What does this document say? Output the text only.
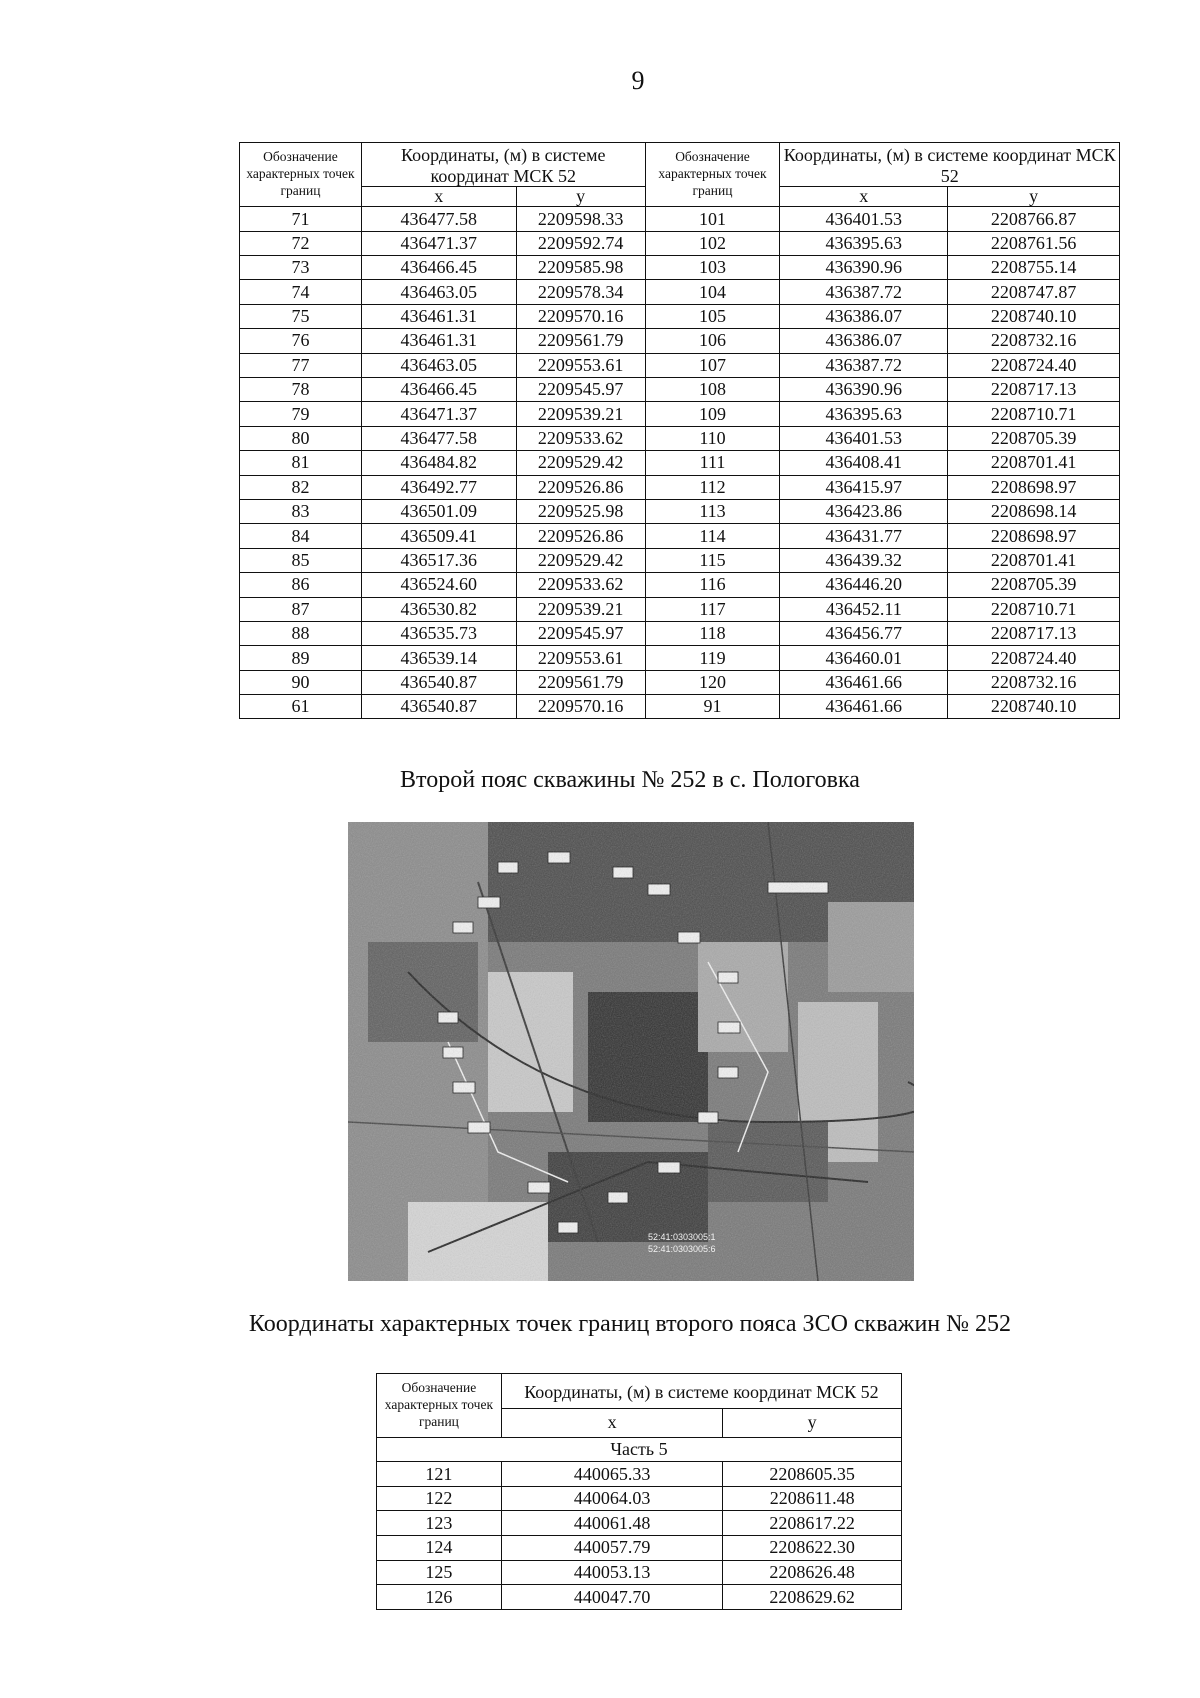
9
Обозначение характерных точек границ	Координаты, (м) в системе координат МСК 52		Обозначение характерных точек границ	Координаты, (м) в системе координат МСК 52	
	x	y		x	y
71	436477.58	2209598.33	101	436401.53	2208766.87
72	436471.37	2209592.74	102	436395.63	2208761.56
73	436466.45	2209585.98	103	436390.96	2208755.14
74	436463.05	2209578.34	104	436387.72	2208747.87
75	436461.31	2209570.16	105	436386.07	2208740.10
76	436461.31	2209561.79	106	436386.07	2208732.16
77	436463.05	2209553.61	107	436387.72	2208724.40
78	436466.45	2209545.97	108	436390.96	2208717.13
79	436471.37	2209539.21	109	436395.63	2208710.71
80	436477.58	2209533.62	110	436401.53	2208705.39
81	436484.82	2209529.42	111	436408.41	2208701.41
82	436492.77	2209526.86	112	436415.97	2208698.97
83	436501.09	2209525.98	113	436423.86	2208698.14
84	436509.41	2209526.86	114	436431.77	2208698.97
85	436517.36	2209529.42	115	436439.32	2208701.41
86	436524.60	2209533.62	116	436446.20	2208705.39
87	436530.82	2209539.21	117	436452.11	2208710.71
88	436535.73	2209545.97	118	436456.77	2208717.13
89	436539.14	2209553.61	119	436460.01	2208724.40
90	436540.87	2209561.79	120	436461.66	2208732.16
61	436540.87	2209570.16	91	436461.66	2208740.10
Второй пояс скважины № 252 в с. Пологовка
52:41:0303005:1
52:41:0303005:6
Координаты характерных точек границ второго пояса ЗСО скважин № 252
Обозначение характерных точек границ	Координаты, (м) в системе координат МСК 52	
	x	y
Часть 5		
121	440065.33	2208605.35
122	440064.03	2208611.48
123	440061.48	2208617.22
124	440057.79	2208622.30
125	440053.13	2208626.48
126	440047.70	2208629.62
